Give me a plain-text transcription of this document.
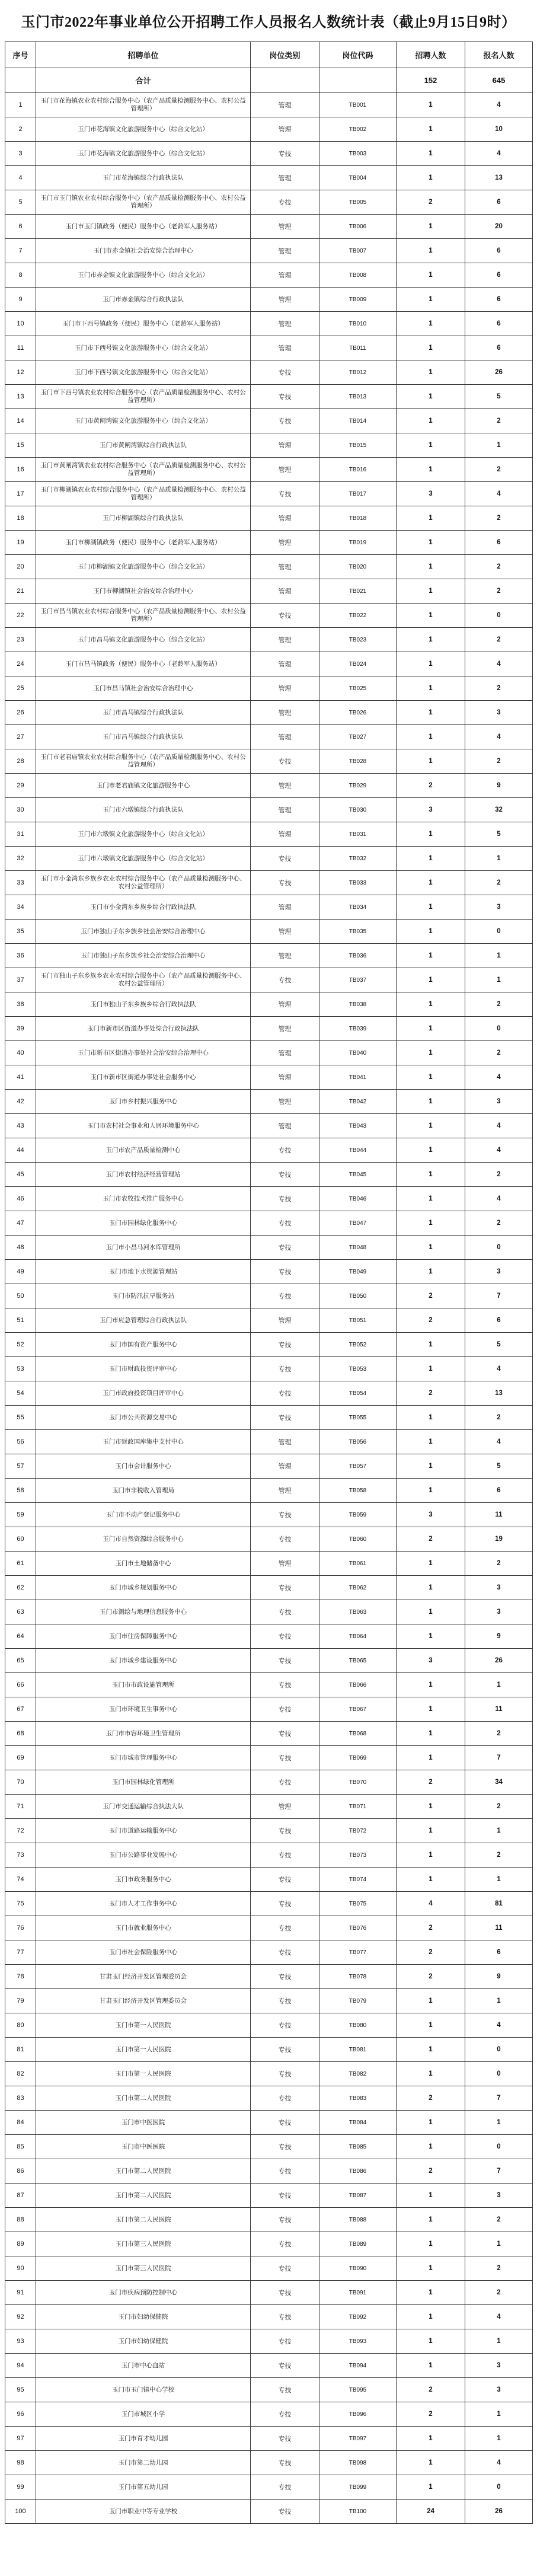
玉门市2022年事业单位公开招聘工作人员报名人数统计表（截止9月15日9时）
序号	招聘单位	岗位类别	岗位代码	招聘人数	报名人数
	合计			152	645
1	玉门市花海镇农业农村综合服务中心（农产品质量检测服务中心、农村公益管理所）	管理	TB001	1	4
2	玉门市花海镇文化旅游服务中心（综合文化站）	管理	TB002	1	10
3	玉门市花海镇文化旅游服务中心（综合文化站）	专技	TB003	1	4
4	玉门市花海镇综合行政执法队	管理	TB004	1	13
5	玉门市玉门镇农业农村综合服务中心（农产品质量检测服务中心、农村公益管理所）	专技	TB005	2	6
6	玉门市玉门镇政务（便民）服务中心（老龄军人服务站）	管理	TB006	1	20
7	玉门市赤金镇社会治安综合治理中心	管理	TB007	1	6
8	玉门市赤金镇文化旅游服务中心（综合文化站）	管理	TB008	1	6
9	玉门市赤金镇综合行政执法队	管理	TB009	1	6
10	玉门市下西号镇政务（便民）服务中心（老龄军人服务站）	管理	TB010	1	6
11	玉门市下西号镇文化旅游服务中心（综合文化站）	管理	TB011	1	6
12	玉门市下西号镇文化旅游服务中心（综合文化站）	专技	TB012	1	26
13	玉门市下西号镇农业农村综合服务中心（农产品质量检测服务中心、农村公益管理所）	专技	TB013	1	5
14	玉门市黄闸湾镇文化旅游服务中心（综合文化站）	专技	TB014	1	2
15	玉门市黄闸湾镇综合行政执法队	管理	TB015	1	1
16	玉门市黄闸湾镇农业农村综合服务中心（农产品质量检测服务中心、农村公益管理所）	管理	TB016	1	2
17	玉门市柳湖镇农业农村综合服务中心（农产品质量检测服务中心、农村公益管理所）	专技	TB017	3	4
18	玉门市柳湖镇综合行政执法队	管理	TB018	1	2
19	玉门市柳湖镇政务（便民）服务中心（老龄军人服务站）	管理	TB019	1	6
20	玉门市柳湖镇文化旅游服务中心（综合文化站）	管理	TB020	1	2
21	玉门市柳湖镇社会治安综合治理中心	管理	TB021	1	2
22	玉门市昌马镇农业农村综合服务中心（农产品质量检测服务中心、农村公益管理所）	专技	TB022	1	0
23	玉门市昌马镇文化旅游服务中心（综合文化站）	管理	TB023	1	2
24	玉门市昌马镇政务（便民）服务中心（老龄军人服务站）	管理	TB024	1	4
25	玉门市昌马镇社会治安综合治理中心	管理	TB025	1	2
26	玉门市昌马镇综合行政执法队	管理	TB026	1	3
27	玉门市昌马镇综合行政执法队	管理	TB027	1	4
28	玉门市老君庙镇农业农村综合服务中心（农产品质量检测服务中心、农村公益管理所）	专技	TB028	1	2
29	玉门市老君庙镇文化旅游服务中心	管理	TB029	2	9
30	玉门市六墩镇综合行政执法队	管理	TB030	3	32
31	玉门市六墩镇文化旅游服务中心（综合文化站）	管理	TB031	1	5
32	玉门市六墩镇文化旅游服务中心（综合文化站）	专技	TB032	1	1
33	玉门市小金湾东乡族乡农业农村综合服务中心（农产品质量检测服务中心、农村公益管理所）	专技	TB033	1	2
34	玉门市小金湾东乡族乡综合行政执法队	管理	TB034	1	3
35	玉门市独山子东乡族乡社会治安综合治理中心	管理	TB035	1	0
36	玉门市独山子东乡族乡社会治安综合治理中心	管理	TB036	1	1
37	玉门市独山子东乡族乡农业农村综合服务中心（农产品质量检测服务中心、农村公益管理所）	专技	TB037	1	1
38	玉门市独山子东乡族乡综合行政执法队	管理	TB038	1	2
39	玉门市新市区街道办事处综合行政执法队	管理	TB039	1	0
40	玉门市新市区街道办事处社会治安综合治理中心	管理	TB040	1	2
41	玉门市新市区街道办事处社会服务中心	管理	TB041	1	4
42	玉门市乡村振兴服务中心	管理	TB042	1	3
43	玉门市农村社会事业和人居环境服务中心	管理	TB043	1	4
44	玉门市农产品质量检测中心	专技	TB044	1	4
45	玉门市农村经济经营管理站	专技	TB045	1	2
46	玉门市农牧技术推广服务中心	专技	TB046	1	4
47	玉门市园林绿化服务中心	专技	TB047	1	2
48	玉门市小昌马河水库管理所	专技	TB048	1	0
49	玉门市地下水资源管理站	专技	TB049	1	3
50	玉门市防汛抗旱服务站	专技	TB050	2	7
51	玉门市应急管理综合行政执法队	管理	TB051	2	6
52	玉门市国有资产服务中心	专技	TB052	1	5
53	玉门市财政投资评审中心	专技	TB053	1	4
54	玉门市政府投资项目评审中心	专技	TB054	2	13
55	玉门市公共资源交易中心	专技	TB055	1	2
56	玉门市财政国库集中支付中心	管理	TB056	1	4
57	玉门市会计服务中心	管理	TB057	1	5
58	玉门市非税收入管理局	管理	TB058	1	6
59	玉门市不动产登记服务中心	专技	TB059	3	11
60	玉门市自然资源综合服务中心	专技	TB060	2	19
61	玉门市土地储备中心	管理	TB061	1	2
62	玉门市城乡规划服务中心	专技	TB062	1	3
63	玉门市测绘与地理信息服务中心	专技	TB063	1	3
64	玉门市住房保障服务中心	专技	TB064	1	9
65	玉门市城乡建设服务中心	专技	TB065	3	26
66	玉门市市政设施管理所	专技	TB066	1	1
67	玉门市环境卫生事务中心	专技	TB067	1	11
68	玉门市市容环境卫生管理所	专技	TB068	1	2
69	玉门市城市管理服务中心	专技	TB069	1	7
70	玉门市园林绿化管理所	专技	TB070	2	34
71	玉门市交通运输综合执法大队	管理	TB071	1	2
72	玉门市道路运输服务中心	专技	TB072	1	1
73	玉门市公路事业发展中心	专技	TB073	1	2
74	玉门市政务服务中心	专技	TB074	1	1
75	玉门市人才工作事务中心	专技	TB075	4	81
76	玉门市就业服务中心	专技	TB076	2	11
77	玉门市社会保险服务中心	专技	TB077	2	6
78	甘肃玉门经济开发区管理委员会	专技	TB078	2	9
79	甘肃玉门经济开发区管理委员会	专技	TB079	1	1
80	玉门市第一人民医院	专技	TB080	1	4
81	玉门市第一人民医院	专技	TB081	1	0
82	玉门市第一人民医院	专技	TB082	1	0
83	玉门市第二人民医院	专技	TB083	2	7
84	玉门市中医医院	专技	TB084	1	1
85	玉门市中医医院	专技	TB085	1	0
86	玉门市第二人民医院	专技	TB086	2	7
87	玉门市第二人民医院	专技	TB087	1	3
88	玉门市第二人民医院	专技	TB088	1	2
89	玉门市第三人民医院	专技	TB089	1	1
90	玉门市第三人民医院	专技	TB090	1	2
91	玉门市疾病预防控制中心	专技	TB091	1	2
92	玉门市妇幼保健院	专技	TB092	1	4
93	玉门市妇幼保健院	专技	TB093	1	1
94	玉门市中心血站	专技	TB094	1	3
95	玉门市玉门镇中心学校	专技	TB095	2	3
96	玉门市城区小学	专技	TB096	2	1
97	玉门市育才幼儿园	专技	TB097	1	1
98	玉门市第二幼儿园	专技	TB098	1	4
99	玉门市第五幼儿园	专技	TB099	1	0
100	玉门市职业中等专业学校	专技	TB100	24	26
